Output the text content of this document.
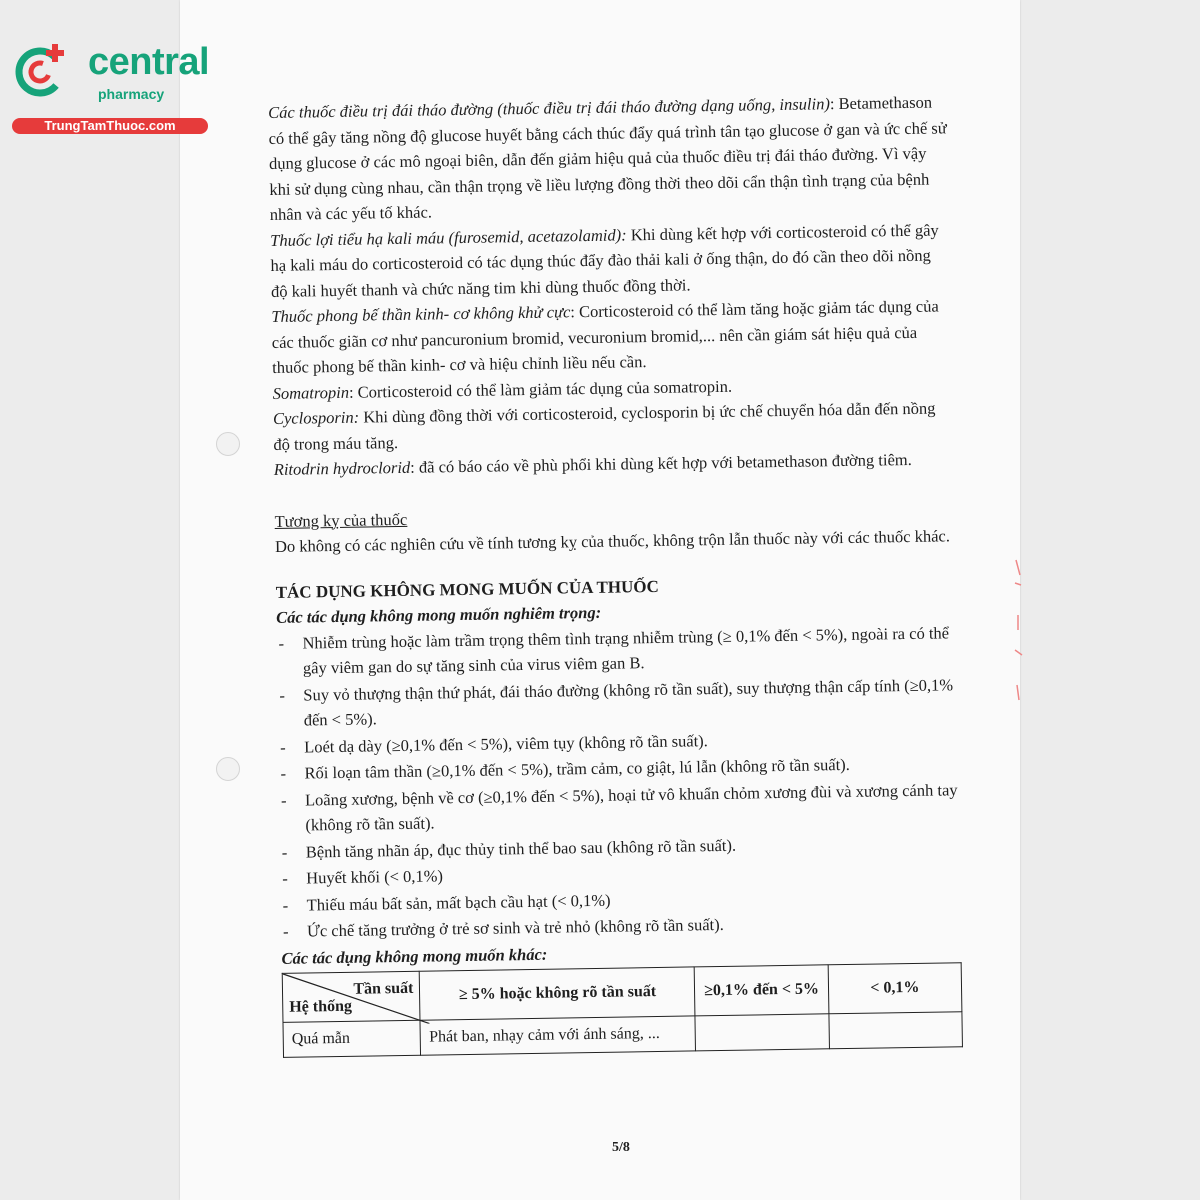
central
pharmacy
TrungTamThuoc.com

Các thuốc điều trị đái tháo đường (thuốc điều trị đái tháo đường dạng uống, insulin): Betamethason có thể gây tăng nồng độ glucose huyết bằng cách thúc đẩy quá trình tân tạo glucose ở gan và ức chế sử dụng glucose ở các mô ngoại biên, dẫn đến giảm hiệu quả của thuốc điều trị đái tháo đường. Vì vậy khi sử dụng cùng nhau, cần thận trọng về liều lượng đồng thời theo dõi cẩn thận tình trạng của bệnh nhân và các yếu tố khác.

Thuốc lợi tiểu hạ kali máu (furosemid, acetazolamid): Khi dùng kết hợp với corticosteroid có thể gây hạ kali máu do corticosteroid có tác dụng thúc đẩy đào thải kali ở ống thận, do đó cần theo dõi nồng độ kali huyết thanh và chức năng tim khi dùng thuốc đồng thời.

Thuốc phong bế thần kinh- cơ không khử cực: Corticosteroid có thể làm tăng hoặc giảm tác dụng của các thuốc giãn cơ như pancuronium bromid, vecuronium bromid,... nên cần giám sát hiệu quả của thuốc phong bế thần kinh- cơ và hiệu chỉnh liều nếu cần.

Somatropin: Corticosteroid có thể làm giảm tác dụng của somatropin.

Cyclosporin: Khi dùng đồng thời với corticosteroid, cyclosporin bị ức chế chuyển hóa dẫn đến nồng độ trong máu tăng.

Ritodrin hydroclorid: đã có báo cáo về phù phổi khi dùng kết hợp với betamethason đường tiêm.

Tương kỵ của thuốc

Do không có các nghiên cứu về tính tương kỵ của thuốc, không trộn lẫn thuốc này với các thuốc khác.

TÁC DỤNG KHÔNG MONG MUỐN CỦA THUỐC

Các tác dụng không mong muốn nghiêm trọng:

- Nhiễm trùng hoặc làm trầm trọng thêm tình trạng nhiễm trùng (≥ 0,1% đến < 5%), ngoài ra có thể gây viêm gan do sự tăng sinh của virus viêm gan B.
- Suy vỏ thượng thận thứ phát, đái tháo đường (không rõ tần suất), suy thượng thận cấp tính (≥0,1% đến < 5%).
- Loét dạ dày (≥0,1% đến < 5%), viêm tụy (không rõ tần suất).
- Rối loạn tâm thần (≥0,1% đến < 5%), trầm cảm, co giật, lú lẫn (không rõ tần suất).
- Loãng xương, bệnh về cơ (≥0,1% đến < 5%), hoại tử vô khuẩn chỏm xương đùi và xương cánh tay (không rõ tần suất).
- Bệnh tăng nhãn áp, đục thủy tinh thể bao sau (không rõ tần suất).
- Huyết khối (< 0,1%)
- Thiếu máu bất sản, mất bạch cầu hạt (< 0,1%)
- Ức chế tăng trưởng ở trẻ sơ sinh và trẻ nhỏ (không rõ tần suất).

Các tác dụng không mong muốn khác:

Tần suất
Hệ thống	≥ 5% hoặc không rõ tần suất	≥0,1% đến < 5%	< 0,1%
Quá mẫn	Phát ban, nhạy cảm với ánh sáng, ...		
5/8
